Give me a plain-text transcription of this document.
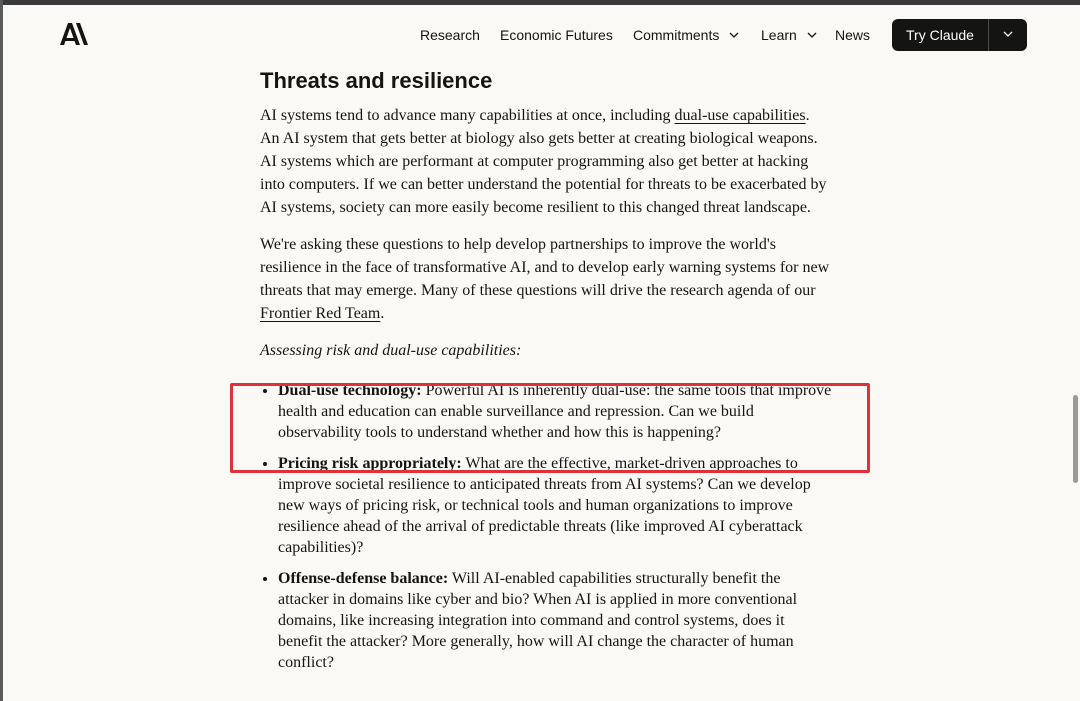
Research Economic Futures Commitments	Learn	News	Try Claude
Threats and resilience

AI systems tend to advance many capabilities at once, including dual-use capabilities. An AI system that gets better at biology also gets better at creating biological weapons. AI systems which are performant at computer programming also get better at hacking into computers. If we can better understand the potential for threats to be exacerbated by AI systems, society can more easily become resilient to this changed threat landscape.

We're asking these questions to help develop partnerships to improve the world's resilience in the face of transformative AI, and to develop early warning systems for new threats that may emerge. Many of these questions will drive the research agenda of our Frontier Red Team.

Assessing risk and dual-use capabilities:

• Dual-use technology: Powerful AI is inherently dual-use: the same tools that improve health and education can enable surveillance and repression. Can we build observability tools to understand whether and how this is happening?
• Pricing risk appropriately: What are the effective, market-driven approaches to improve societal resilience to anticipated threats from AI systems? Can we develop new ways of pricing risk, or technical tools and human organizations to improve resilience ahead of the arrival of predictable threats (like improved AI cyberattack capabilities)?
• Offense-defense balance: Will AI-enabled capabilities structurally benefit the attacker in domains like cyber and bio? When AI is applied in more conventional domains, like increasing integration into command and control systems, does it benefit the attacker? More generally, how will AI change the character of human conflict?
